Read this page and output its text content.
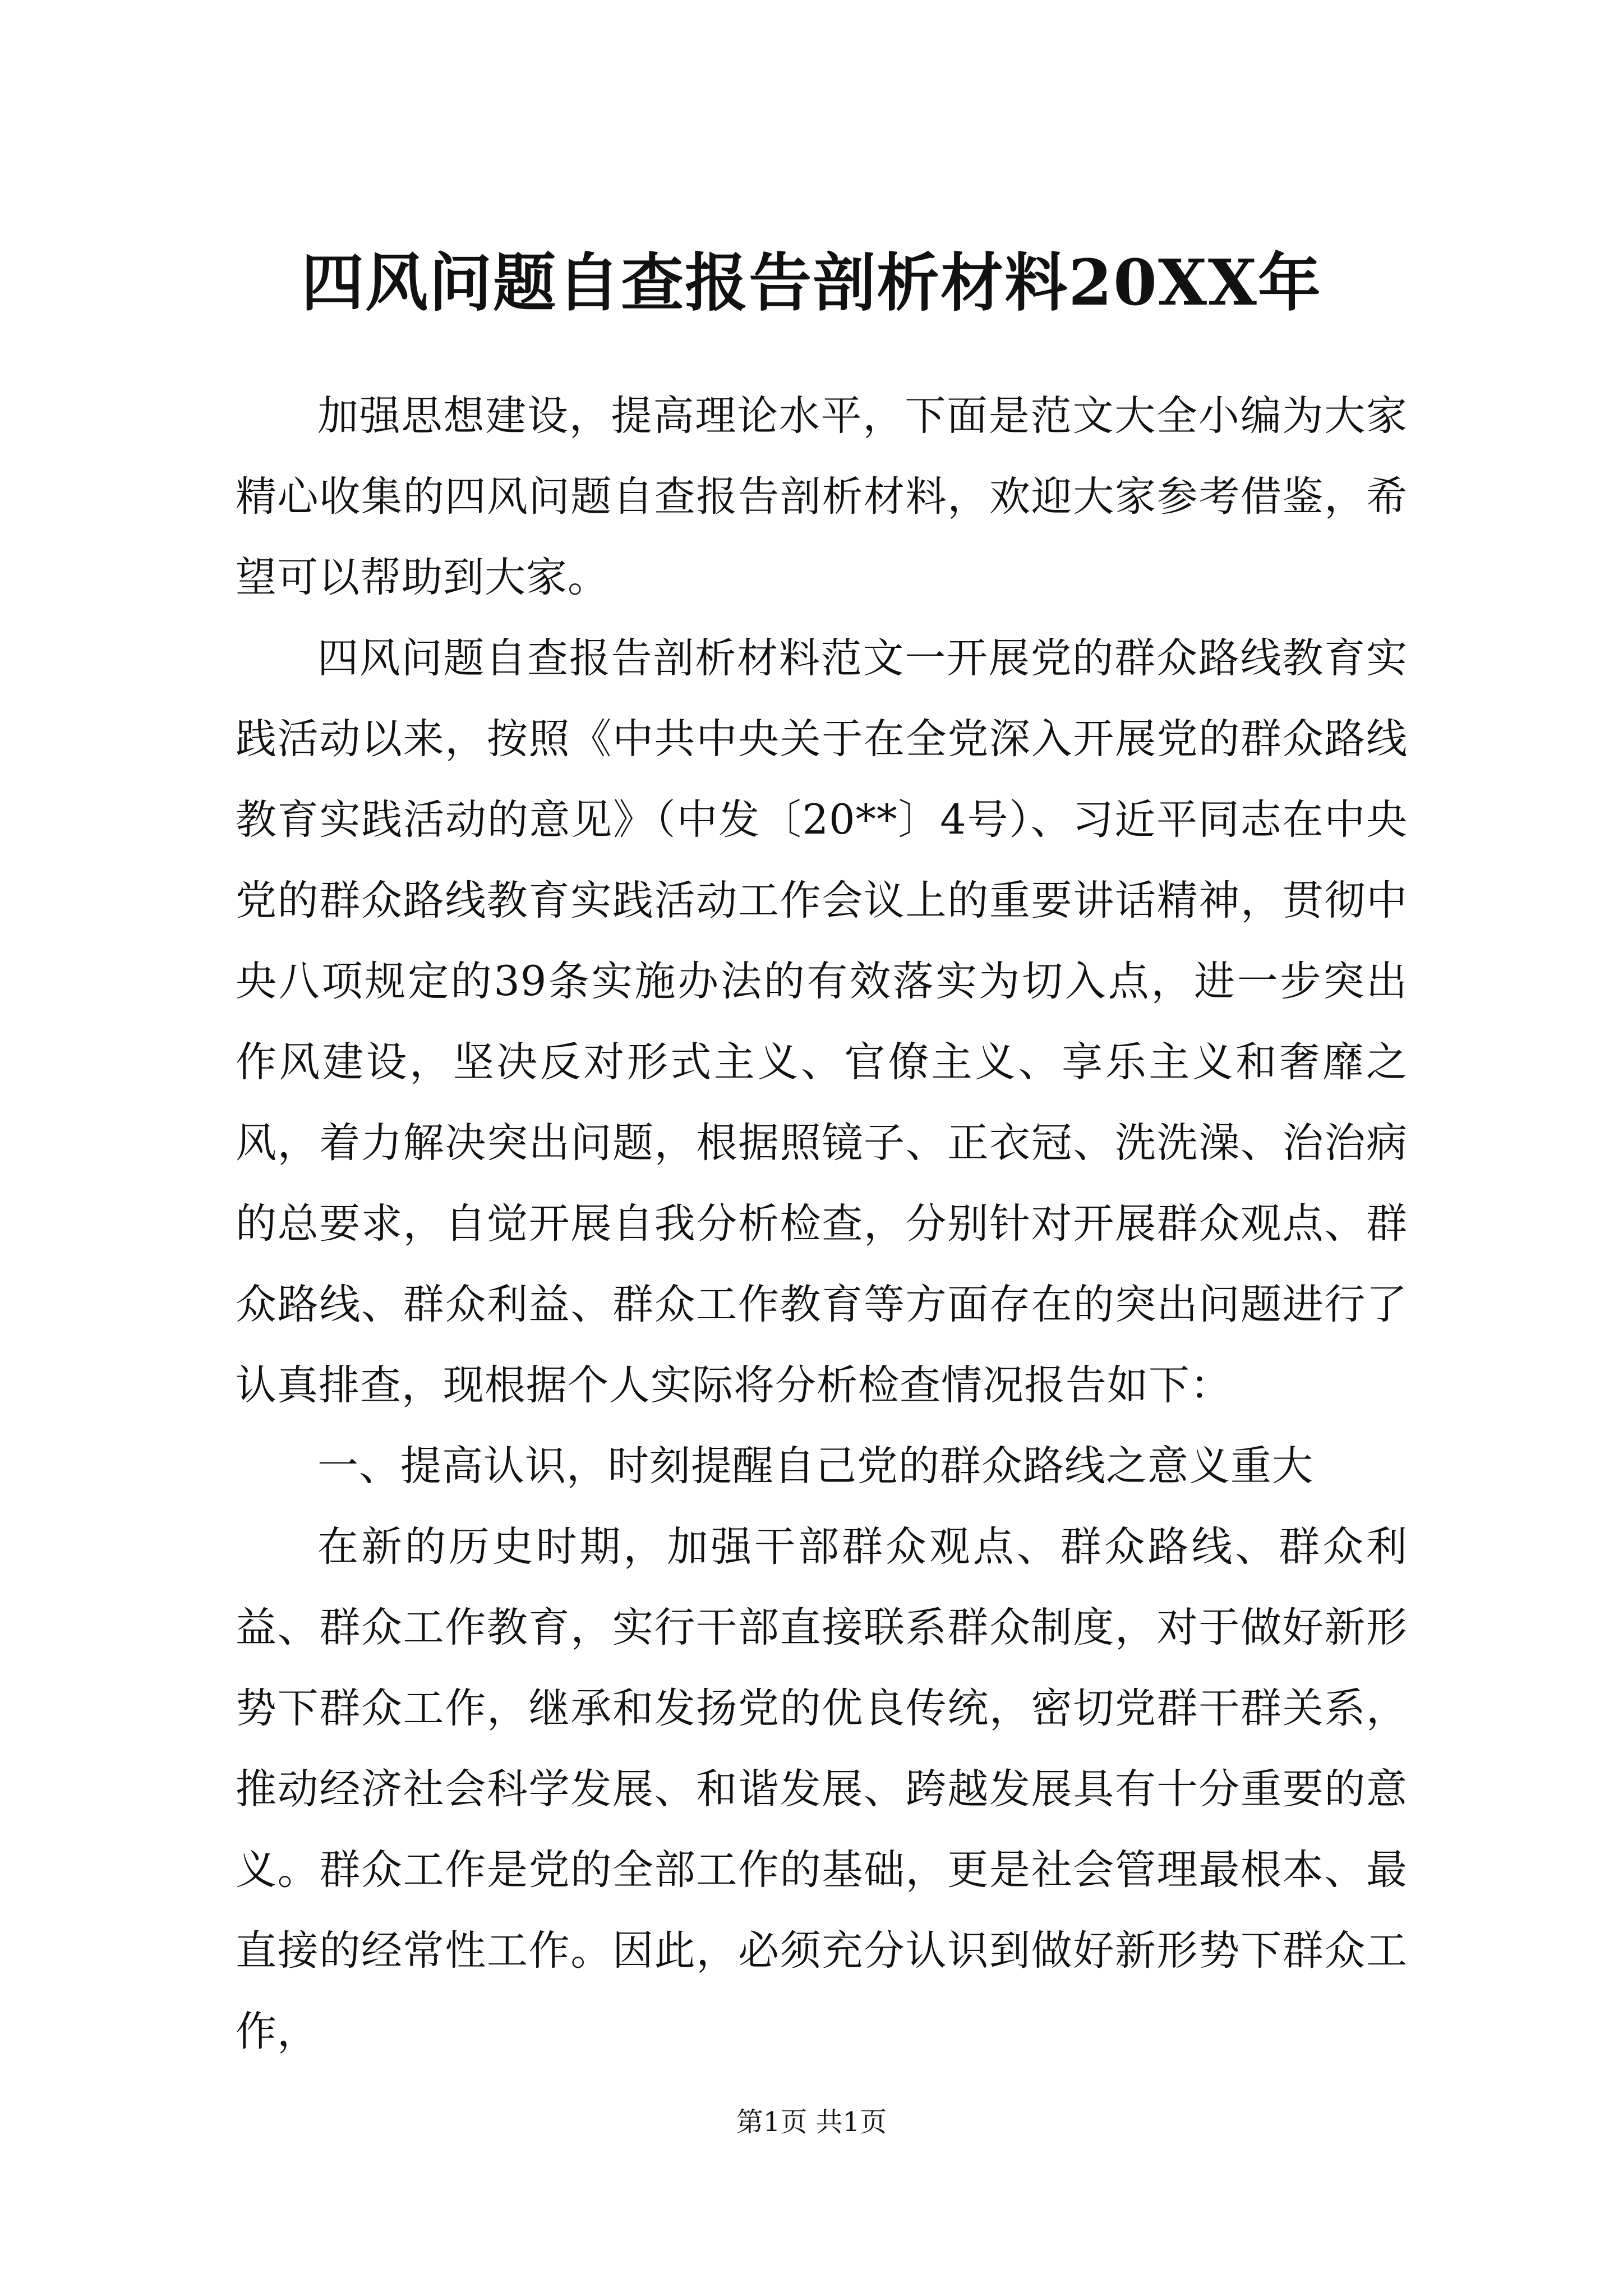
四风问题自查报告剖析材料20XX年

加强思想建设，提高理论水平，下面是范文大全小编为大家精心收集的四风问题自查报告剖析材料，欢迎大家参考借鉴，希望可以帮助到大家。

四风问题自查报告剖析材料范文一开展党的群众路线教育实践活动以来，按照《中共中央关于在全党深入开展党的群众路线教育实践活动的意见》（中发〔20**〕4号）、习近平同志在中央党的群众路线教育实践活动工作会议上的重要讲话精神，贯彻中央八项规定的39条实施办法的有效落实为切入点，进一步突出作风建设，坚决反对形式主义、官僚主义、享乐主义和奢靡之风，着力解决突出问题，根据照镜子、正衣冠、洗洗澡、治治病的总要求，自觉开展自我分析检查，分别针对开展群众观点、群众路线、群众利益、群众工作教育等方面存在的突出问题进行了认真排查，现根据个人实际将分析检查情况报告如下：

一、提高认识，时刻提醒自己党的群众路线之意义重大

在新的历史时期，加强干部群众观点、群众路线、群众利益、群众工作教育，实行干部直接联系群众制度，对于做好新形势下群众工作，继承和发扬党的优良传统，密切党群干群关系，推动经济社会科学发展、和谐发展、跨越发展具有十分重要的意义。群众工作是党的全部工作的基础，更是社会管理最根本、最直接的经常性工作。因此，必须充分认识到做好新形势下群众工作，

第1页 共1页
